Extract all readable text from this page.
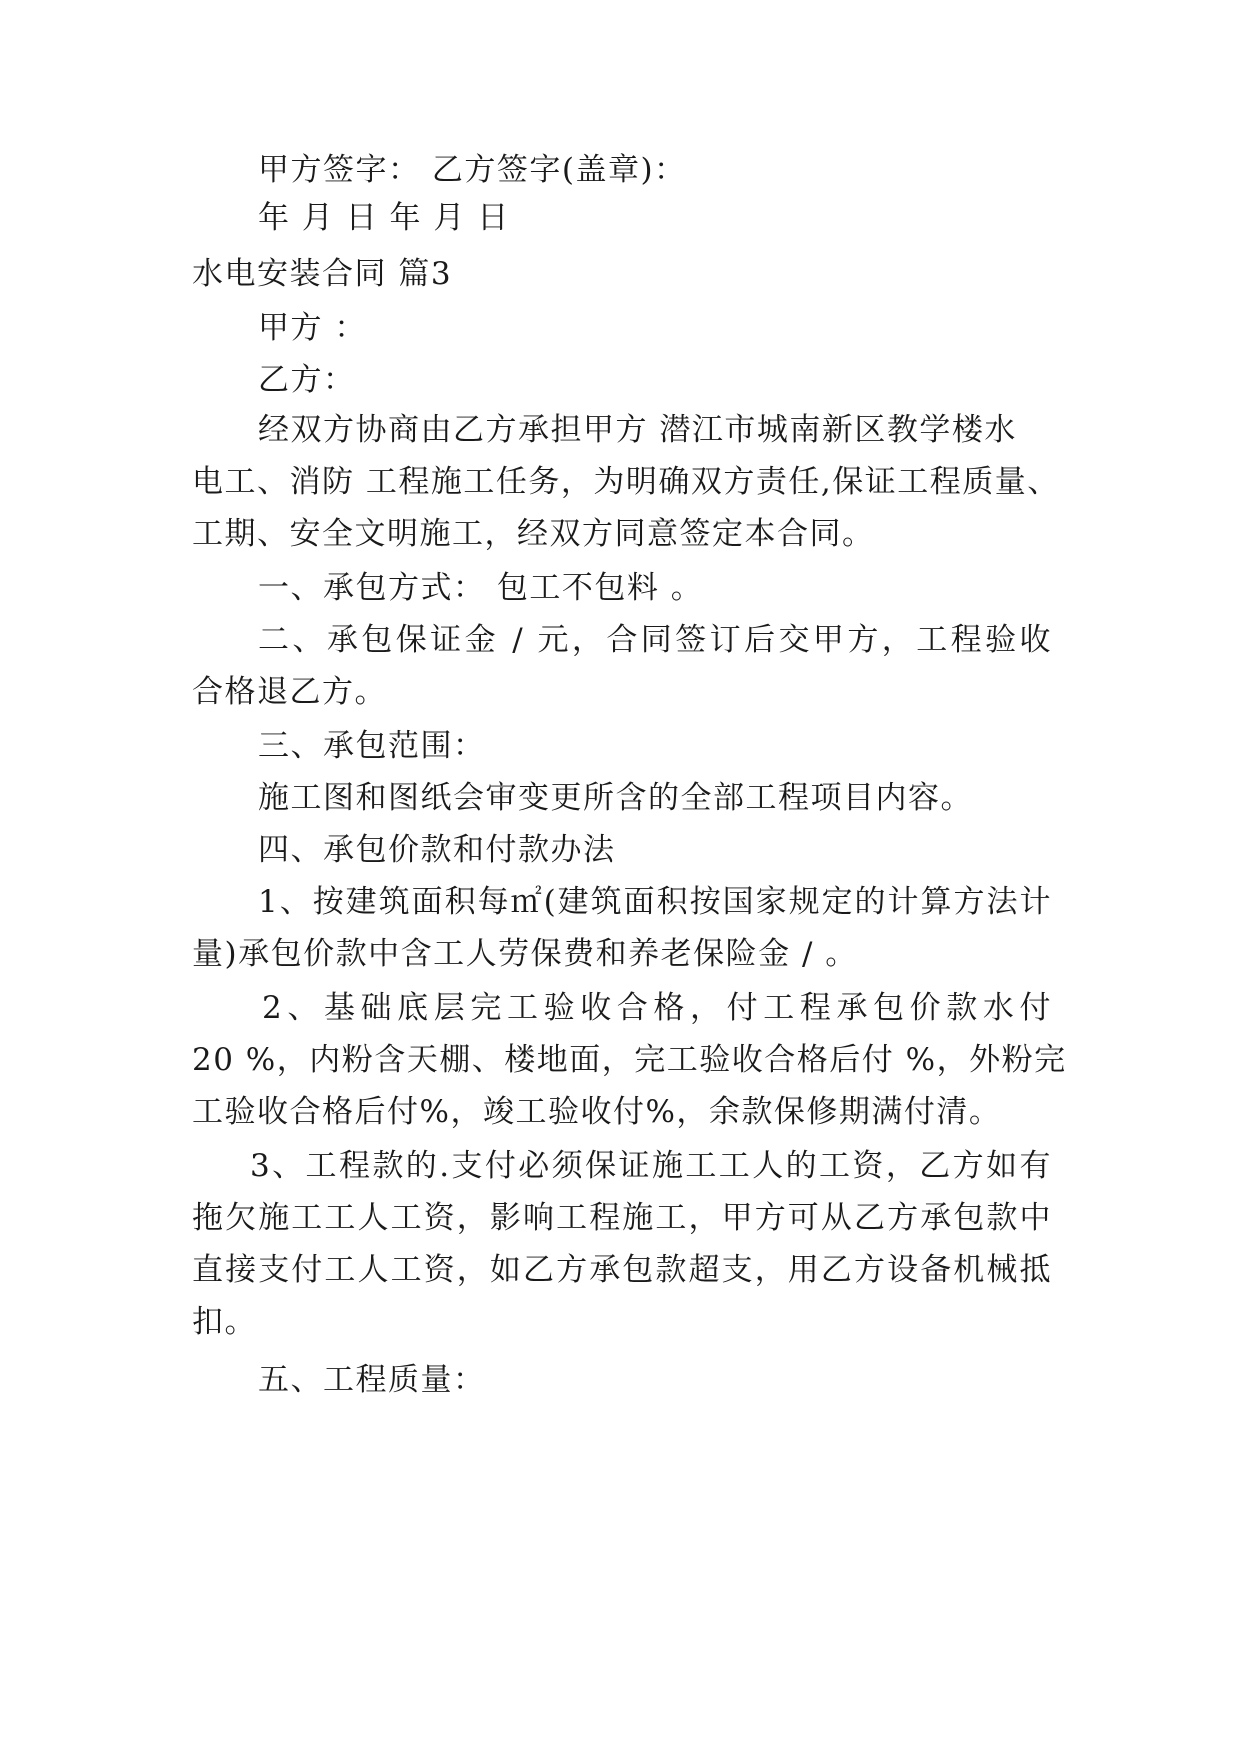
甲方签字： 乙方签字(盖章)：
年 月 日 年 月 日
水电安装合同 篇3
甲方 ：
乙方：
经双方协商由乙方承担甲方 潜江市城南新区教学楼水
电工、消防 工程施工任务，为明确双方责任,保证工程质量、
工期、安全文明施工，经双方同意签定本合同。
一、承包方式： 包工不包料 。
二、承包保证金 / 元，合同签订后交甲方，工程验收
合格退乙方。
三、承包范围：
施工图和图纸会审变更所含的全部工程项目内容。
四、承包价款和付款办法
1、按建筑面积每㎡(建筑面积按国家规定的计算方法计
量)承包价款中含工人劳保费和养老保险金 / 。
2、基础底层完工验收合格，付工程承包价款水付
20 %，内粉含天棚、楼地面，完工验收合格后付 %，外粉完
工验收合格后付%，竣工验收付%，余款保修期满付清。
3、工程款的.支付必须保证施工工人的工资，乙方如有
拖欠施工工人工资，影响工程施工，甲方可从乙方承包款中
直接支付工人工资，如乙方承包款超支，用乙方设备机械抵
扣。
五、工程质量：
